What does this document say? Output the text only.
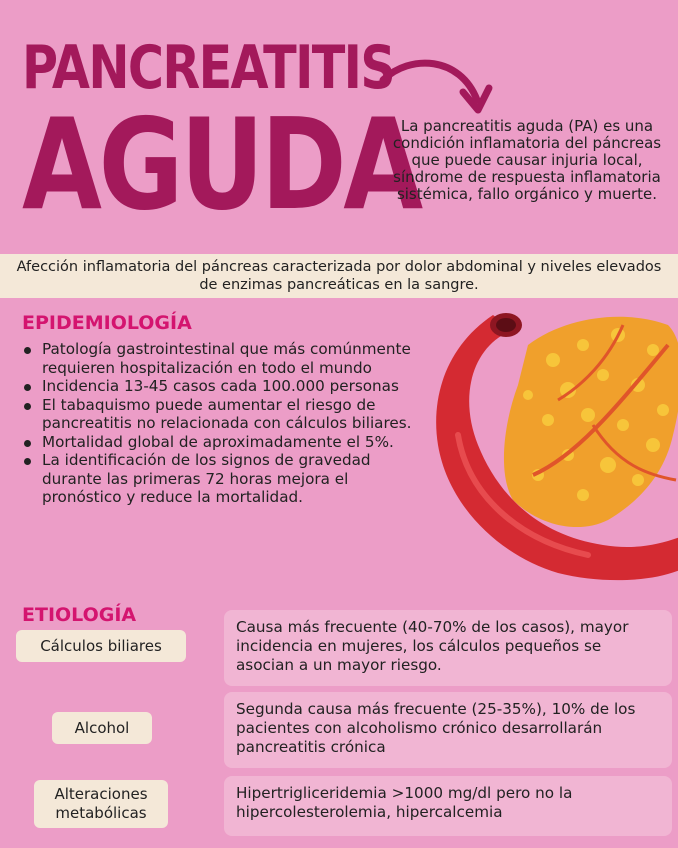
PANCREATITIS
AGUDA
La pancreatitis aguda (PA) es una condición inflamatoria del páncreas que puede causar injuria local, síndrome de respuesta inflamatoria sistémica, fallo orgánico y muerte.
Afección inflamatoria del páncreas caracterizada por dolor abdominal y niveles elevados de enzimas pancreáticas en la sangre.
EPIDEMIOLOGÍA
Patología gastrointestinal que más comúnmente requieren hospitalización en todo el mundo
Incidencia 13-45 casos cada 100.000 personas
El tabaquismo puede aumentar el riesgo de pancreatitis no relacionada con cálculos biliares.
Mortalidad global de aproximadamente el 5%.
La identificación de los signos de gravedad durante las primeras 72 horas mejora el pronóstico y reduce la mortalidad.
ETIOLOGÍA
Cálculos biliares
Causa más frecuente (40-70% de los casos), mayor incidencia en mujeres, los cálculos pequeños se asocian a un mayor riesgo.
Alcohol
Segunda causa más frecuente (25-35%), 10% de los pacientes con alcoholismo crónico desarrollarán pancreatitis crónica
Alteraciones metabólicas
Hipertrigliceridemia >1000 mg/dl pero no la hipercolesterolemia, hipercalcemia
